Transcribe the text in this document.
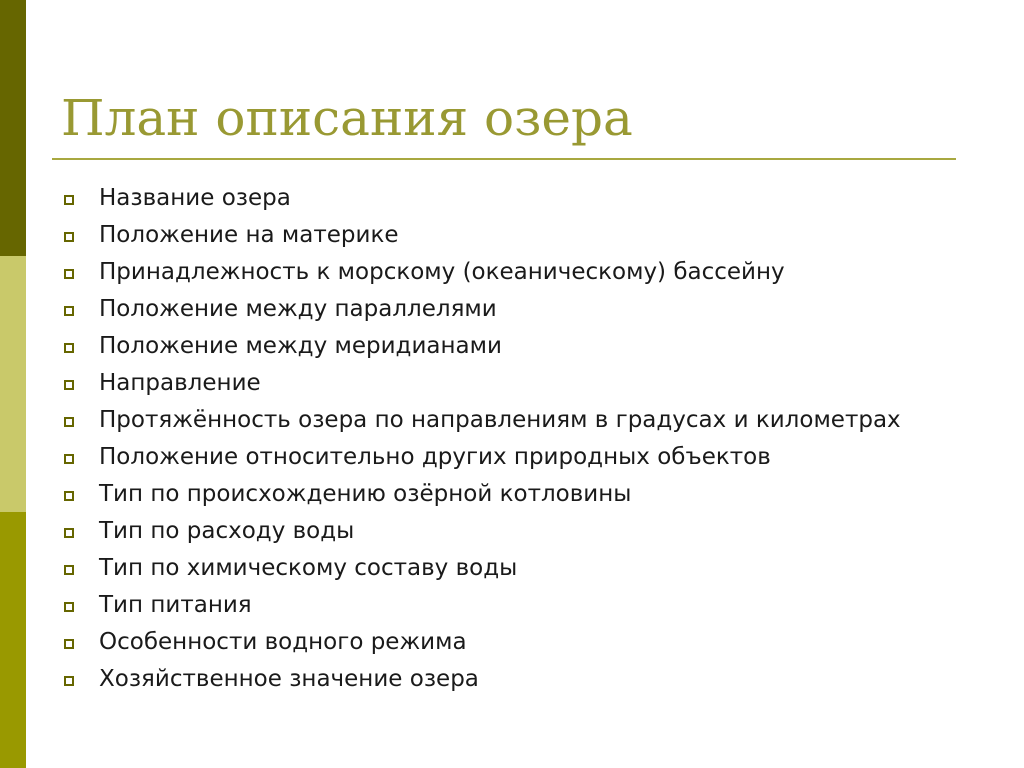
План описания озера
Название озера
Положение на материке
Принадлежность к морскому (океаническому) бассейну
Положение между параллелями
Положение между меридианами
Направление
Протяжённость озера по направлениям в градусах и километрах
Положение относительно других природных объектов
Тип по происхождению озёрной котловины
Тип по расходу воды
Тип по химическому составу воды
Тип питания
Особенности водного режима
Хозяйственное значение озера
